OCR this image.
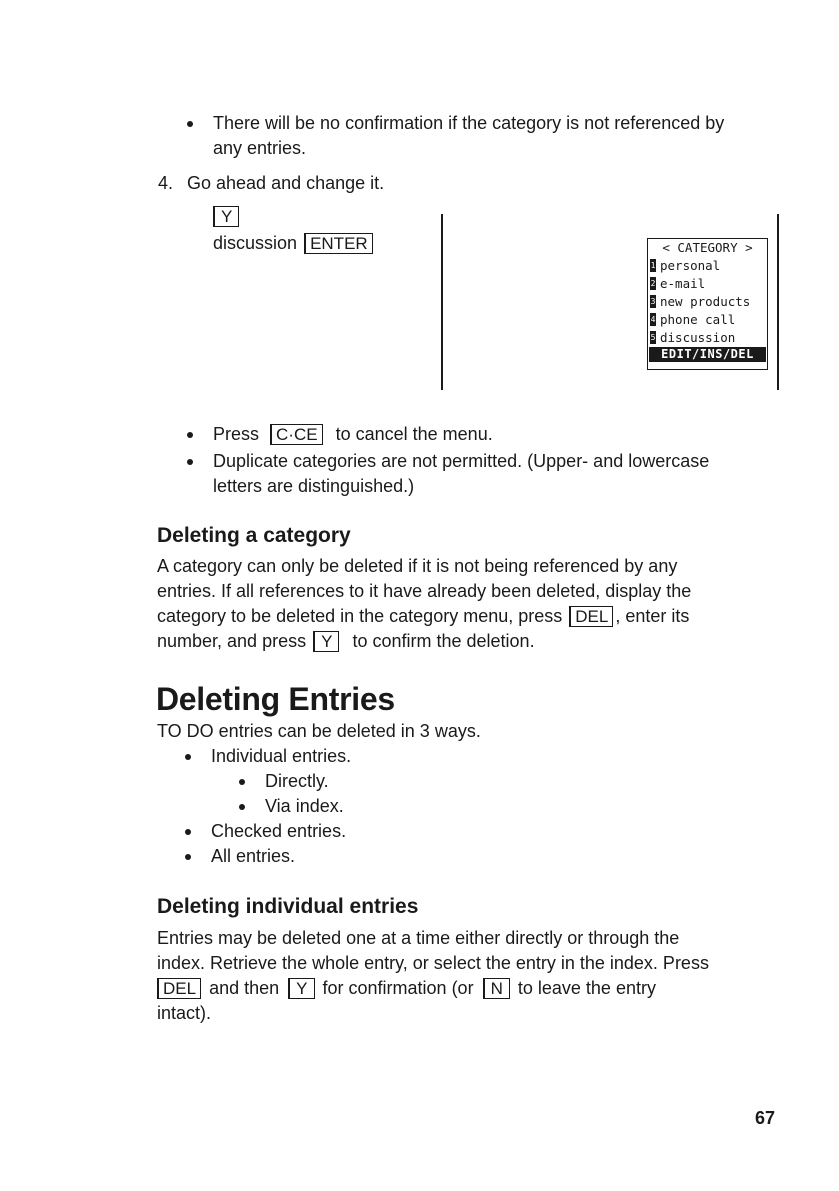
There will be no confirmation if the category is not referenced by
any entries.
4. Go ahead and change it.
Y
discussion ENTER	< CATEGORY >
1 personal
2 e-mail
3 new products
4 phone call
5 discussion
EDIT/INS/DEL
Press C·CE to cancel the menu.
Duplicate categories are not permitted. (Upper- and lowercase
letters are distinguished.)
Deleting a category
A category can only be deleted if it is not being referenced by any
entries. If all references to it have already been deleted, display the
category to be deleted in the category menu, press DEL , enter its
number, and press Y to confirm the deletion.
Deleting Entries
TO DO entries can be deleted in 3 ways.
Individual entries.
Directly.
Via index.
Checked entries.
All entries.
Deleting individual entries
Entries may be deleted one at a time either directly or through the
index. Retrieve the whole entry, or select the entry in the index. Press
DEL and then Y for confirmation (or N to leave the entry
intact).
67
